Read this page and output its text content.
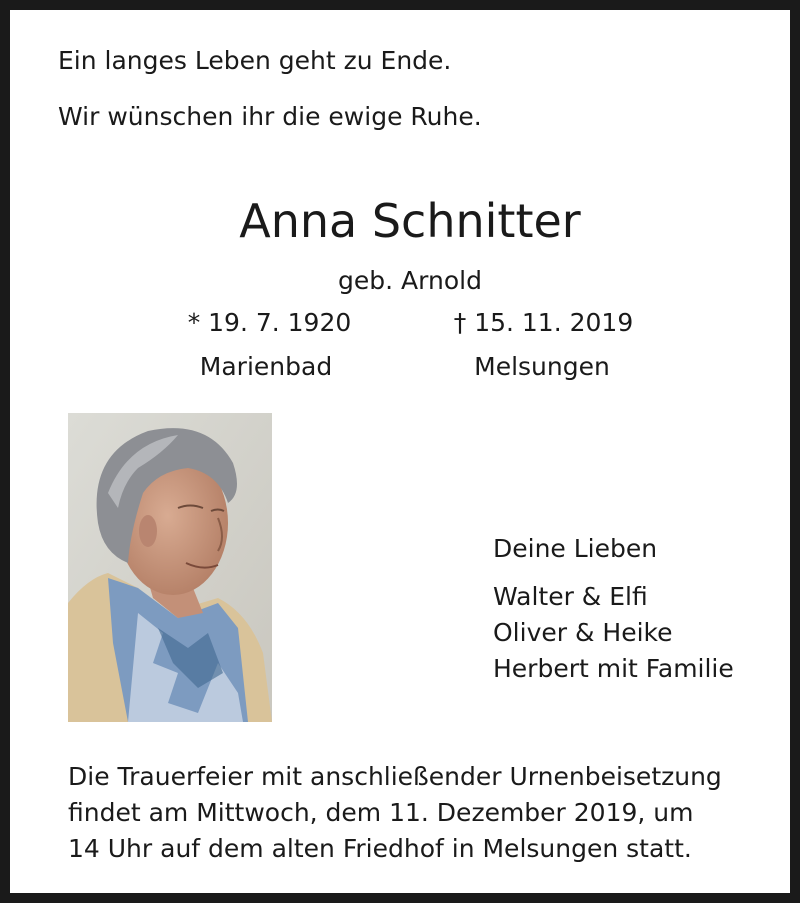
Ein langes Leben geht zu Ende.
Wir wünschen ihr die ewige Ruhe.
Anna Schnitter
geb. Arnold
* 19. 7. 1920	† 15. 11. 2019
Marienbad	Melsungen
Deine Lieben
Walter & Elfi
Oliver & Heike
Herbert mit Familie
Die Trauerfeier mit anschließender Urnenbeisetzung
findet am Mittwoch, dem 11. Dezember 2019, um
14 Uhr auf dem alten Friedhof in Melsungen statt.
